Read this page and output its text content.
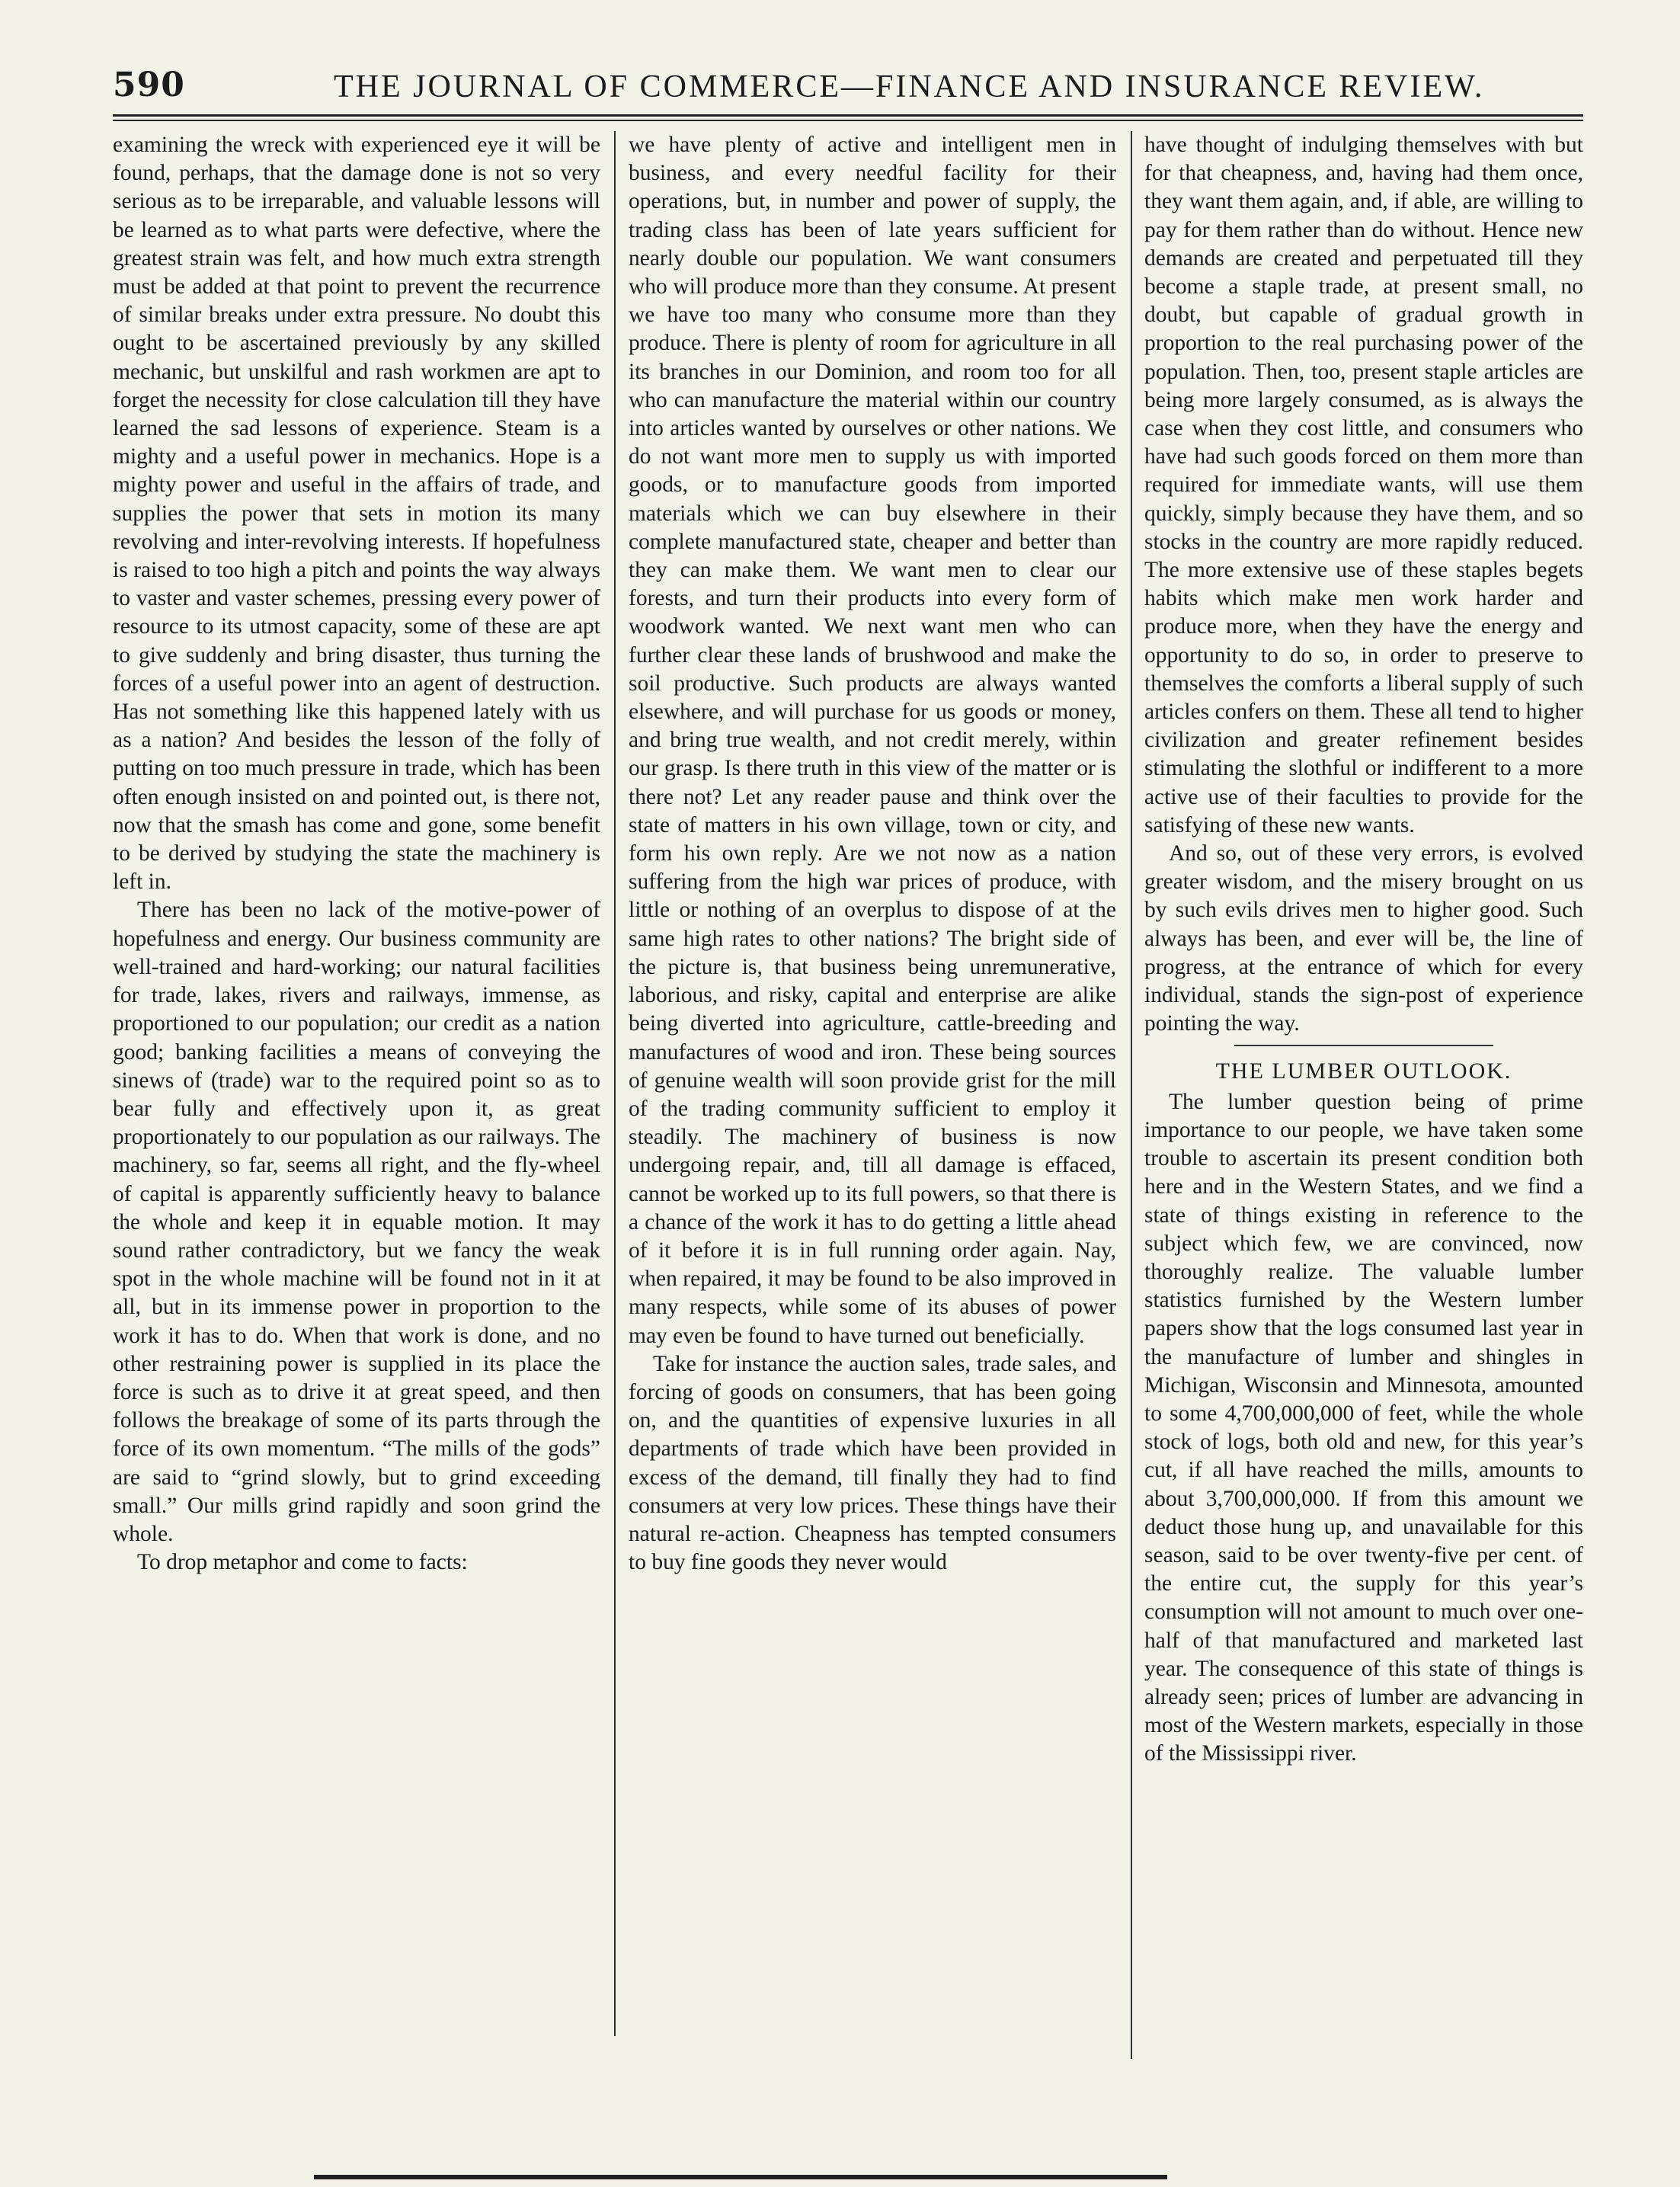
590	THE JOURNAL OF COMMERCE—FINANCE AND INSURANCE REVIEW.

examining the wreck with experienced eye it will be found, perhaps, that the damage done is not so very serious as to be irreparable, and valuable lessons will be learned as to what parts were defective, where the greatest strain was felt, and how much extra strength must be added at that point to prevent the recurrence of similar breaks under extra pressure. No doubt this ought to be ascertained previously by any skilled mechanic, but unskilful and rash workmen are apt to forget the necessity for close calculation till they have learned the sad lessons of experience. Steam is a mighty and a useful power in mechanics. Hope is a mighty power and useful in the affairs of trade, and supplies the power that sets in motion its many revolving and inter-revolving interests. If hopefulness is raised to too high a pitch and points the way always to vaster and vaster schemes, pressing every power of resource to its utmost capacity, some of these are apt to give suddenly and bring disaster, thus turning the forces of a useful power into an agent of destruction. Has not something like this happened lately with us as a nation? And besides the lesson of the folly of putting on too much pressure in trade, which has been often enough insisted on and pointed out, is there not, now that the smash has come and gone, some benefit to be derived by studying the state the machinery is left in.

There has been no lack of the motive-power of hopefulness and energy. Our business community are well-trained and hard-working; our natural facilities for trade, lakes, rivers and railways, immense, as proportioned to our population; our credit as a nation good; banking facilities a means of conveying the sinews of (trade) war to the required point so as to bear fully and effectively upon it, as great proportionately to our population as our railways. The machinery, so far, seems all right, and the fly-wheel of capital is apparently sufficiently heavy to balance the whole and keep it in equable motion. It may sound rather contradictory, but we fancy the weak spot in the whole machine will be found not in it at all, but in its immense power in proportion to the work it has to do. When that work is done, and no other restraining power is supplied in its place the force is such as to drive it at great speed, and then follows the breakage of some of its parts through the force of its own momentum. “The mills of the gods” are said to “grind slowly, but to grind exceeding small.” Our mills grind rapidly and soon grind the whole.

To drop metaphor and come to facts:

we have plenty of active and intelligent men in business, and every needful facility for their operations, but, in number and power of supply, the trading class has been of late years sufficient for nearly double our population. We want consumers who will produce more than they consume. At present we have too many who consume more than they produce. There is plenty of room for agriculture in all its branches in our Dominion, and room too for all who can manufacture the material within our country into articles wanted by ourselves or other nations. We do not want more men to supply us with imported goods, or to manufacture goods from imported materials which we can buy elsewhere in their complete manufactured state, cheaper and better than they can make them. We want men to clear our forests, and turn their products into every form of woodwork wanted. We next want men who can further clear these lands of brushwood and make the soil productive. Such products are always wanted elsewhere, and will purchase for us goods or money, and bring true wealth, and not credit merely, within our grasp. Is there truth in this view of the matter or is there not? Let any reader pause and think over the state of matters in his own village, town or city, and form his own reply. Are we not now as a nation suffering from the high war prices of produce, with little or nothing of an overplus to dispose of at the same high rates to other nations? The bright side of the picture is, that business being unremunerative, laborious, and risky, capital and enterprise are alike being diverted into agriculture, cattle-breeding and manufactures of wood and iron. These being sources of genuine wealth will soon provide grist for the mill of the trading community sufficient to employ it steadily. The machinery of business is now undergoing repair, and, till all damage is effaced, cannot be worked up to its full powers, so that there is a chance of the work it has to do getting a little ahead of it before it is in full running order again. Nay, when repaired, it may be found to be also improved in many respects, while some of its abuses of power may even be found to have turned out beneficially.

Take for instance the auction sales, trade sales, and forcing of goods on consumers, that has been going on, and the quantities of expensive luxuries in all departments of trade which have been provided in excess of the demand, till finally they had to find consumers at very low prices. These things have their natural re-action. Cheapness has tempted consumers to buy fine goods they never would

have thought of indulging themselves with but for that cheapness, and, having had them once, they want them again, and, if able, are willing to pay for them rather than do without. Hence new demands are created and perpetuated till they become a staple trade, at present small, no doubt, but capable of gradual growth in proportion to the real purchasing power of the population. Then, too, present staple articles are being more largely consumed, as is always the case when they cost little, and consumers who have had such goods forced on them more than required for immediate wants, will use them quickly, simply because they have them, and so stocks in the country are more rapidly reduced. The more extensive use of these staples begets habits which make men work harder and produce more, when they have the energy and opportunity to do so, in order to preserve to themselves the comforts a liberal supply of such articles confers on them. These all tend to higher civilization and greater refinement besides stimulating the slothful or indifferent to a more active use of their faculties to provide for the satisfying of these new wants.

And so, out of these very errors, is evolved greater wisdom, and the misery brought on us by such evils drives men to higher good. Such always has been, and ever will be, the line of progress, at the entrance of which for every individual, stands the sign-post of experience pointing the way.

THE LUMBER OUTLOOK.

The lumber question being of prime importance to our people, we have taken some trouble to ascertain its present condition both here and in the Western States, and we find a state of things existing in reference to the subject which few, we are convinced, now thoroughly realize. The valuable lumber statistics furnished by the Western lumber papers show that the logs consumed last year in the manufacture of lumber and shingles in Michigan, Wisconsin and Minnesota, amounted to some 4,700,000,000 of feet, while the whole stock of logs, both old and new, for this year’s cut, if all have reached the mills, amounts to about 3,700,000,000. If from this amount we deduct those hung up, and unavailable for this season, said to be over twenty-five per cent. of the entire cut, the supply for this year’s consumption will not amount to much over one-half of that manufactured and marketed last year. The consequence of this state of things is already seen; prices of lumber are advancing in most of the Western markets, especially in those of the Mississippi river.
